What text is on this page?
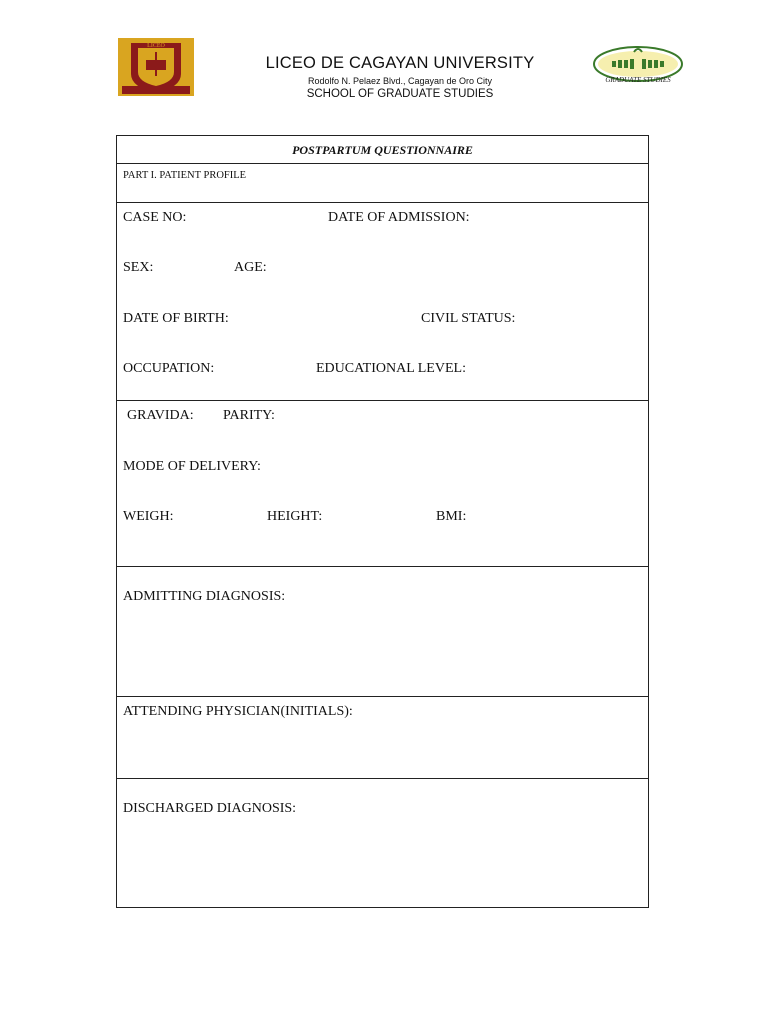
LICEO
LICEO DE CAGAYAN UNIVERSITY
Rodolfo N. Pelaez Blvd., Cagayan de Oro City
SCHOOL OF GRADUATE STUDIES
GRADUATE STUDIES
POSTPARTUM QUESTIONNAIRE
PART I. PATIENT PROFILE
CASE NO:	DATE OF ADMISSION:
SEX:	AGE:
DATE OF BIRTH:	CIVIL STATUS:
OCCUPATION:	EDUCATIONAL LEVEL:
GRAVIDA: PARITY:
MODE OF DELIVERY:
WEIGH:	HEIGHT:	BMI:
ADMITTING DIAGNOSIS:
ATTENDING PHYSICIAN(INITIALS):
DISCHARGED DIAGNOSIS:
